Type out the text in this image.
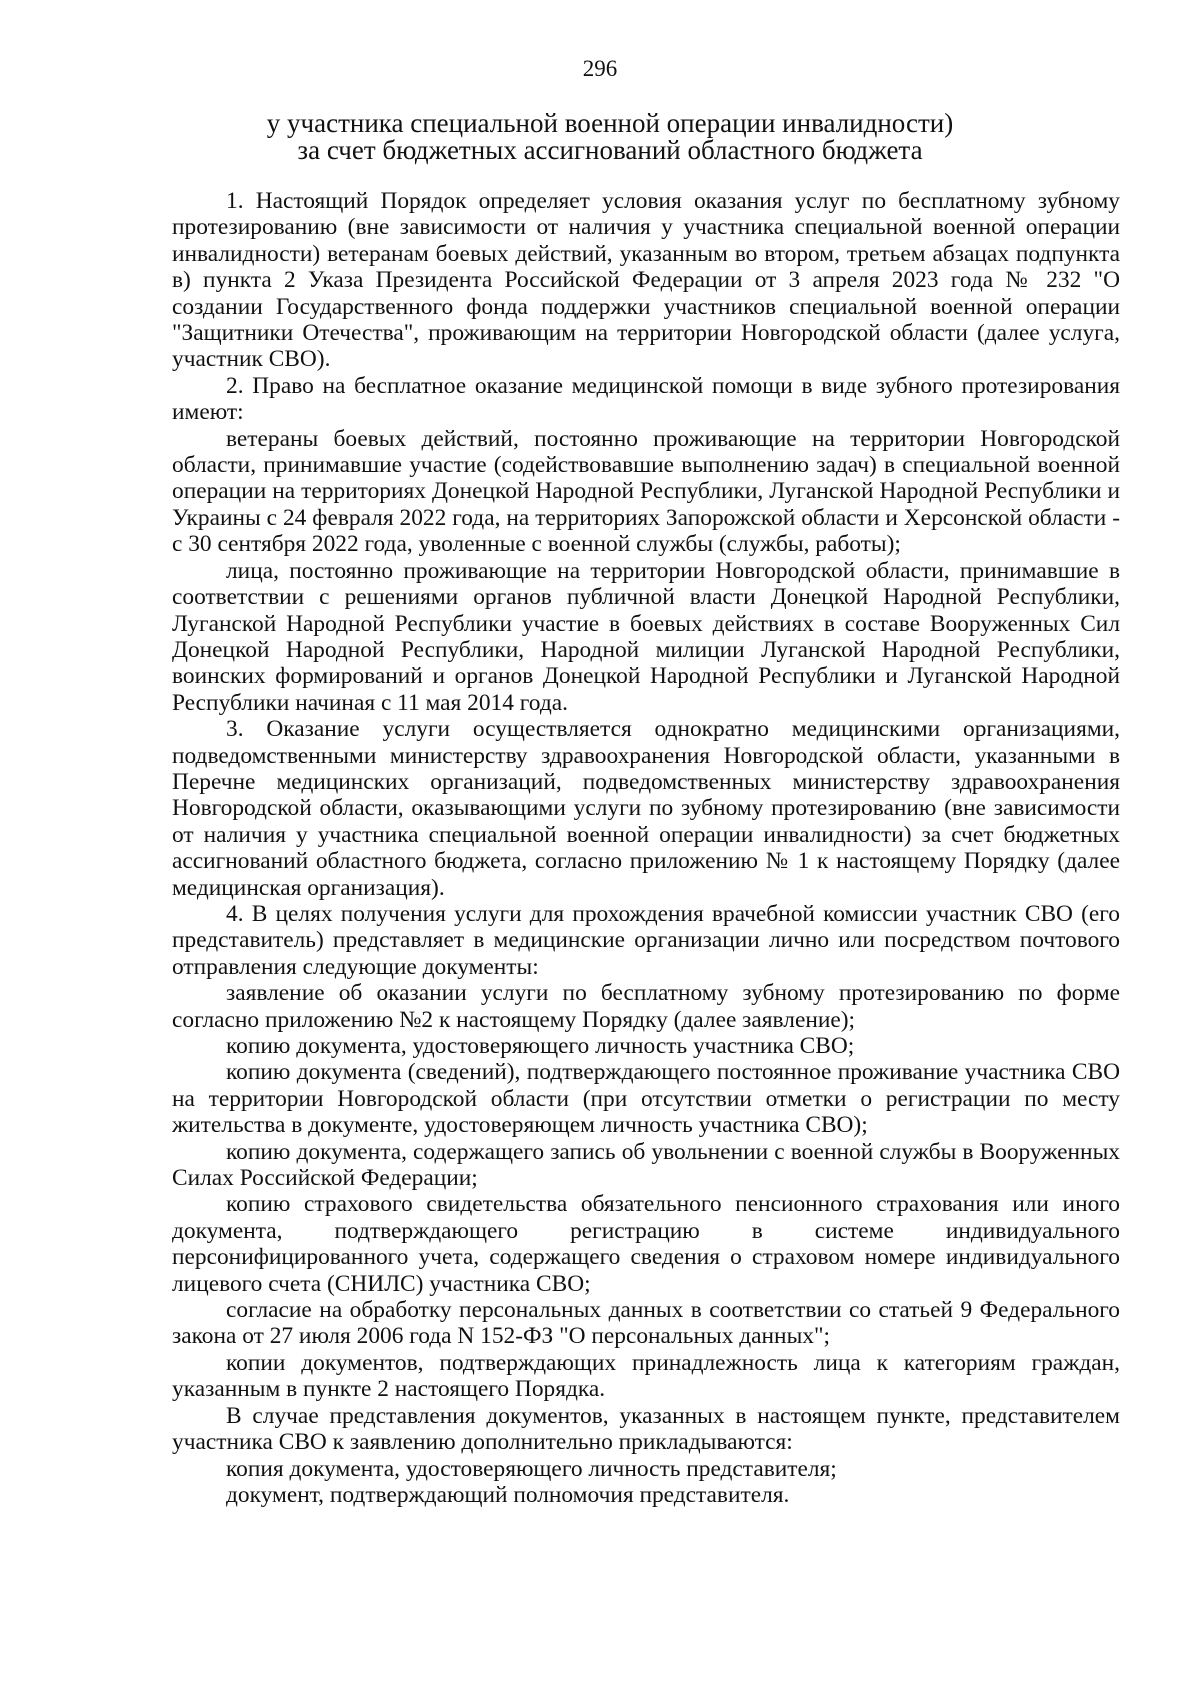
296
у участника специальной военной операции инвалидности)
за счет бюджетных ассигнований областного бюджета

1. Настоящий Порядок определяет условия оказания услуг по бесплатному зубному протезированию (вне зависимости от наличия у участника специальной военной операции инвалидности) ветеранам боевых действий, указанным во втором, третьем абзацах подпункта в) пункта 2 Указа Президента Российской Федерации от 3 апреля 2023 года № 232 "О создании Государственного фонда поддержки участников специальной военной операции "Защитники Отечества", проживающим на территории Новгородской области (далее услуга, участник СВО).

2. Право на бесплатное оказание медицинской помощи в виде зубного протезирования имеют:

ветераны боевых действий, постоянно проживающие на территории Новгородской области, принимавшие участие (содействовавшие выполнению задач) в специальной военной операции на территориях Донецкой Народной Республики, Луганской Народной Республики и Украины с 24 февраля 2022 года, на территориях Запорожской области и Херсонской области - с 30 сентября 2022 года, уволенные с военной службы (службы, работы);

лица, постоянно проживающие на территории Новгородской области, принимавшие в соответствии с решениями органов публичной власти Донецкой Народной Республики, Луганской Народной Республики участие в боевых действиях в составе Вооруженных Сил Донецкой Народной Республики, Народной милиции Луганской Народной Республики, воинских формирований и органов Донецкой Народной Республики и Луганской Народной Республики начиная с 11 мая 2014 года.

3. Оказание услуги осуществляется однократно медицинскими организациями, подведомственными министерству здравоохранения Новгородской области, указанными в Перечне медицинских организаций, подведомственных министерству здравоохранения Новгородской области, оказывающими услуги по зубному протезированию (вне зависимости от наличия у участника специальной военной операции инвалидности) за счет бюджетных ассигнований областного бюджета, согласно приложению № 1 к настоящему Порядку (далее медицинская организация).

4. В целях получения услуги для прохождения врачебной комиссии участник СВО (его представитель) представляет в медицинские организации лично или посредством почтового отправления следующие документы:

заявление об оказании услуги по бесплатному зубному протезированию по форме согласно приложению №2 к настоящему Порядку (далее заявление);

копию документа, удостоверяющего личность участника СВО;

копию документа (сведений), подтверждающего постоянное проживание участника СВО на территории Новгородской области (при отсутствии отметки о регистрации по месту жительства в документе, удостоверяющем личность участника СВО);

копию документа, содержащего запись об увольнении с военной службы в Вооруженных Силах Российской Федерации;

копию страхового свидетельства обязательного пенсионного страхования или иного документа, подтверждающего регистрацию в системе индивидуального персонифицированного учета, содержащего сведения о страховом номере индивидуального лицевого счета (СНИЛС) участника СВО;

согласие на обработку персональных данных в соответствии со статьей 9 Федерального закона от 27 июля 2006 года N 152-ФЗ "О персональных данных";

копии документов, подтверждающих принадлежность лица к категориям граждан, указанным в пункте 2 настоящего Порядка.

В случае представления документов, указанных в настоящем пункте, представителем участника СВО к заявлению дополнительно прикладываются:

копия документа, удостоверяющего личность представителя;

документ, подтверждающий полномочия представителя.
